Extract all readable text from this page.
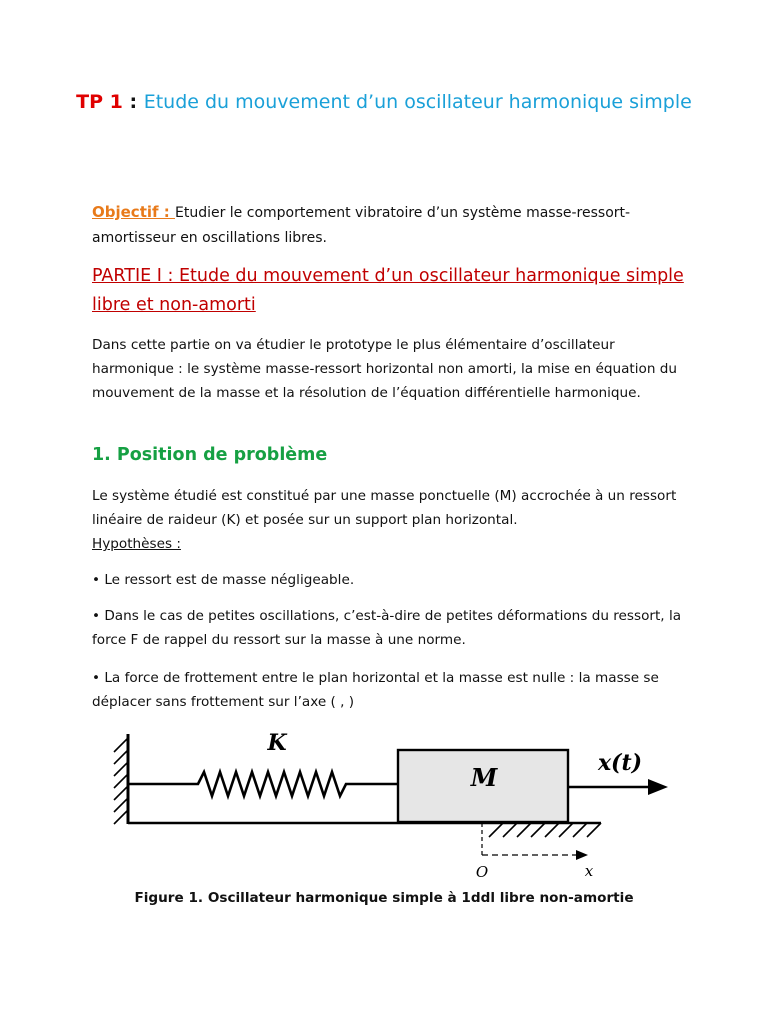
TP 1 : Etude du mouvement d’un oscillateur harmonique simple
Objectif : Etudier le comportement vibratoire d’un système masse-ressort-amortisseur en oscillations libres.
PARTIE I : Etude du mouvement d’un oscillateur harmonique simple libre et non-amorti
Dans cette partie on va étudier le prototype le plus élémentaire d’oscillateur harmonique : le système masse-ressort horizontal non amorti, la mise en équation du mouvement de la masse et la résolution de l’équation différentielle harmonique.
1. Position de problème
Le système étudié est constitué par une masse ponctuelle (M) accrochée à un ressort linéaire de raideur (K) et posée sur un support plan horizontal.
Hypothèses :
• Le ressort est de masse négligeable.
• Dans le cas de petites oscillations, c’est-à-dire de petites déformations du ressort, la force F de rappel du ressort sur la masse à une norme.
• La force de frottement entre le plan horizontal et la masse est nulle : la masse se déplacer sans frottement sur l’axe ( , )
K
M	x(t)
O	x
Figure 1. Oscillateur harmonique simple à 1ddl libre non-amortie
